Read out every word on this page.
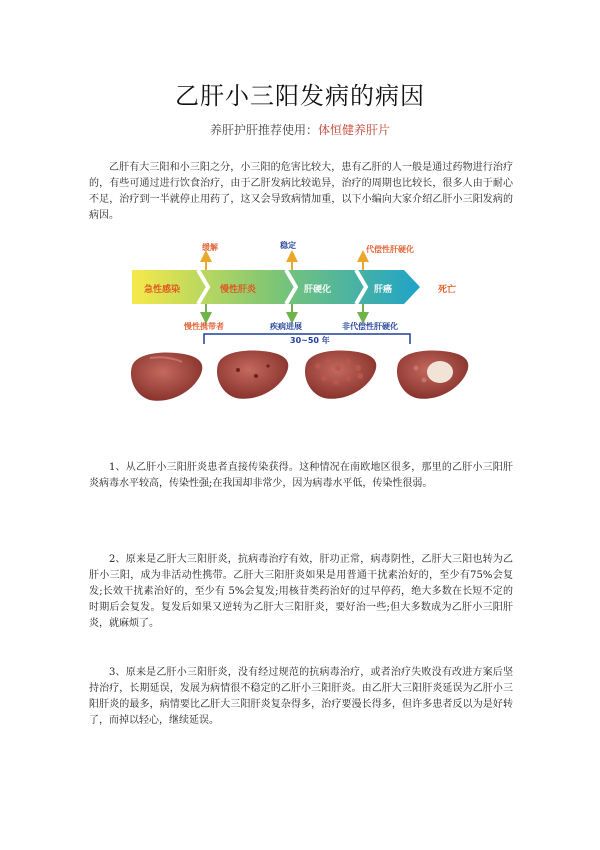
乙肝小三阳发病的病因
养肝护肝推荐使用：体恒健养肝片

乙肝有大三阳和小三阳之分，小三阳的危害比较大，患有乙肝的人一般是通过药物进行治疗的，有些可通过进行饮食治疗，由于乙肝发病比较诡异，治疗的周期也比较长，很多人由于耐心不足，治疗到一半就停止用药了，这又会导致病情加重，以下小编向大家介绍乙肝小三阳发病的病因。

急性感染	慢性肝炎	肝硬化	肝癌	死亡
缓解	稳定	代偿性肝硬化
慢性携带者	疾病进展	非代偿性肝硬化
30~50 年

1、从乙肝小三阳肝炎患者直接传染获得。这种情况在南欧地区很多，那里的乙肝小三阳肝炎病毒水平较高，传染性强;在我国却非常少，因为病毒水平低，传染性很弱。

2、原来是乙肝大三阳肝炎，抗病毒治疗有效，肝功正常，病毒阴性，乙肝大三阳也转为乙肝小三阳，成为非活动性携带。乙肝大三阳肝炎如果是用普通干扰素治好的，至少有75%会复发;长效干扰素治好的，至少有 5%会复发;用核苷类药治好的过早停药，绝大多数在长短不定的时期后会复发。复发后如果又逆转为乙肝大三阳肝炎，要好治一些;但大多数成为乙肝小三阳肝炎，就麻烦了。

3、原来是乙肝小三阳肝炎，没有经过规范的抗病毒治疗，或者治疗失败没有改进方案后坚持治疗，长期延误，发展为病情很不稳定的乙肝小三阳肝炎。由乙肝大三阳肝炎延误为乙肝小三阳肝炎的最多，病情要比乙肝大三阳肝炎复杂得多，治疗要漫长得多，但许多患者反以为是好转了，而掉以轻心，继续延误。
